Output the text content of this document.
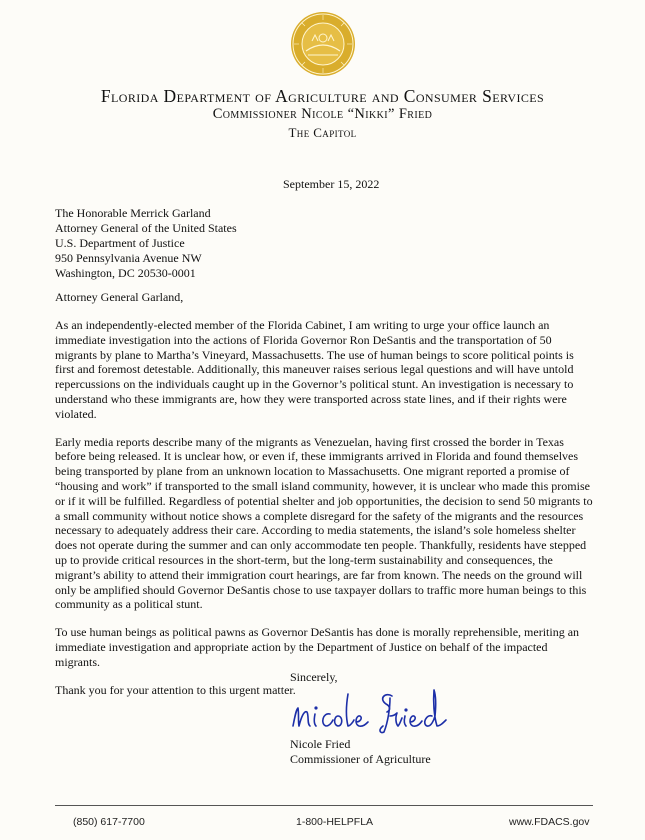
Florida Department of Agriculture and Consumer Services
Commissioner Nicole “Nikki” Fried
The Capitol
September 15, 2022
The Honorable Merrick Garland
Attorney General of the United States
U.S. Department of Justice
950 Pennsylvania Avenue NW
Washington, DC 20530-0001
Attorney General Garland,

As an independently-elected member of the Florida Cabinet, I am writing to urge your office launch an immediate investigation into the actions of Florida Governor Ron DeSantis and the transportation of 50 migrants by plane to Martha’s Vineyard, Massachusetts. The use of human beings to score political points is first and foremost detestable. Additionally, this maneuver raises serious legal questions and will have untold repercussions on the individuals caught up in the Governor’s political stunt. An investigation is necessary to understand who these immigrants are, how they were transported across state lines, and if their rights were violated.

Early media reports describe many of the migrants as Venezuelan, having first crossed the border in Texas before being released. It is unclear how, or even if, these immigrants arrived in Florida and found themselves being transported by plane from an unknown location to Massachusetts. One migrant reported a promise of “housing and work” if transported to the small island community, however, it is unclear who made this promise or if it will be fulfilled. Regardless of potential shelter and job opportunities, the decision to send 50 migrants to a small community without notice shows a complete disregard for the safety of the migrants and the resources necessary to adequately address their care. According to media statements, the island’s sole homeless shelter does not operate during the summer and can only accommodate ten people. Thankfully, residents have stepped up to provide critical resources in the short-term, but the long-term sustainability and consequences, the migrant’s ability to attend their immigration court hearings, are far from known. The needs on the ground will only be amplified should Governor DeSantis chose to use taxpayer dollars to traffic more human beings to this community as a political stunt.

To use human beings as political pawns as Governor DeSantis has done is morally reprehensible, meriting an immediate investigation and appropriate action by the Department of Justice on behalf of the impacted migrants.

Thank you for your attention to this urgent matter.

Sincerely,
Nicole Fried
Commissioner of Agriculture
(850) 617-7700	1-800-HELPFLA	www.FDACS.gov
